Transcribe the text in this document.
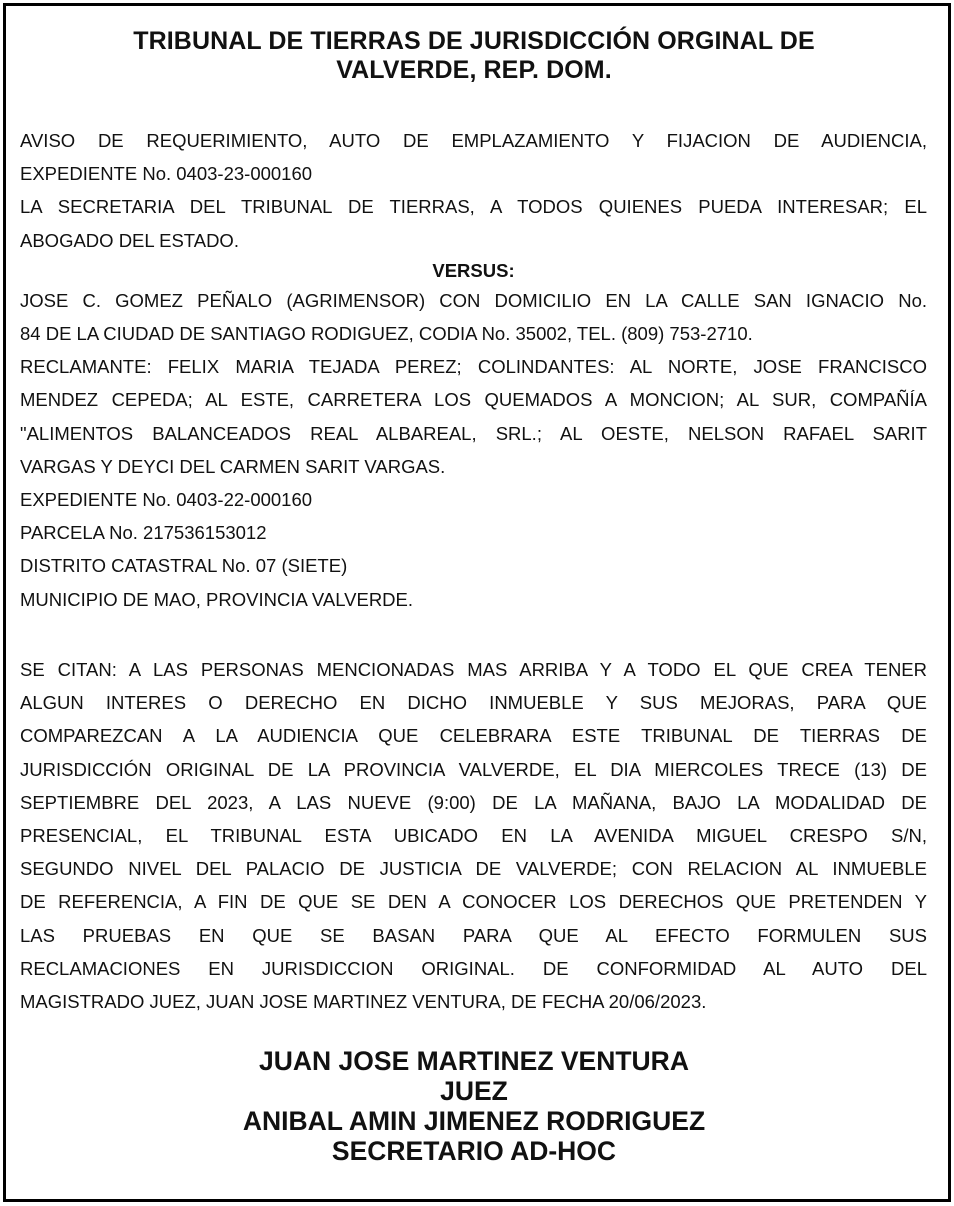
TRIBUNAL DE TIERRAS DE JURISDICCIÓN ORGINAL DE
VALVERDE, REP. DOM.
AVISO DE REQUERIMIENTO, AUTO DE EMPLAZAMIENTO Y FIJACION DE AUDIENCIA,
EXPEDIENTE No. 0403-23-000160
LA SECRETARIA DEL TRIBUNAL DE TIERRAS, A TODOS QUIENES PUEDA INTERESAR; EL
ABOGADO DEL ESTADO.
VERSUS:
JOSE C. GOMEZ PEÑALO (AGRIMENSOR) CON DOMICILIO EN LA CALLE SAN IGNACIO No.
84 DE LA CIUDAD DE SANTIAGO RODIGUEZ, CODIA No. 35002, TEL. (809) 753-2710.
RECLAMANTE: FELIX MARIA TEJADA PEREZ; COLINDANTES: AL NORTE, JOSE FRANCISCO
MENDEZ CEPEDA; AL ESTE, CARRETERA LOS QUEMADOS A MONCION; AL SUR, COMPAÑÍA
"ALIMENTOS BALANCEADOS REAL ALBAREAL, SRL.; AL OESTE, NELSON RAFAEL SARIT
VARGAS Y DEYCI DEL CARMEN SARIT VARGAS.
EXPEDIENTE No. 0403-22-000160
PARCELA No. 217536153012
DISTRITO CATASTRAL No. 07 (SIETE)
MUNICIPIO DE MAO, PROVINCIA VALVERDE.
SE CITAN: A LAS PERSONAS MENCIONADAS MAS ARRIBA Y A TODO EL QUE CREA TENER
ALGUN INTERES O DERECHO EN DICHO INMUEBLE Y SUS MEJORAS, PARA QUE
COMPAREZCAN A LA AUDIENCIA QUE CELEBRARA ESTE TRIBUNAL DE TIERRAS DE
JURISDICCIÓN ORIGINAL DE LA PROVINCIA VALVERDE, EL DIA MIERCOLES TRECE (13) DE
SEPTIEMBRE DEL 2023, A LAS NUEVE (9:00) DE LA MAÑANA, BAJO LA MODALIDAD DE
PRESENCIAL, EL TRIBUNAL ESTA UBICADO EN LA AVENIDA MIGUEL CRESPO S/N,
SEGUNDO NIVEL DEL PALACIO DE JUSTICIA DE VALVERDE; CON RELACION AL INMUEBLE
DE REFERENCIA, A FIN DE QUE SE DEN A CONOCER LOS DERECHOS QUE PRETENDEN Y
LAS PRUEBAS EN QUE SE BASAN PARA QUE AL EFECTO FORMULEN SUS
RECLAMACIONES EN JURISDICCION ORIGINAL. DE CONFORMIDAD AL AUTO DEL
MAGISTRADO JUEZ, JUAN JOSE MARTINEZ VENTURA, DE FECHA 20/06/2023.
JUAN JOSE MARTINEZ VENTURA
JUEZ
ANIBAL AMIN JIMENEZ RODRIGUEZ
SECRETARIO AD-HOC
